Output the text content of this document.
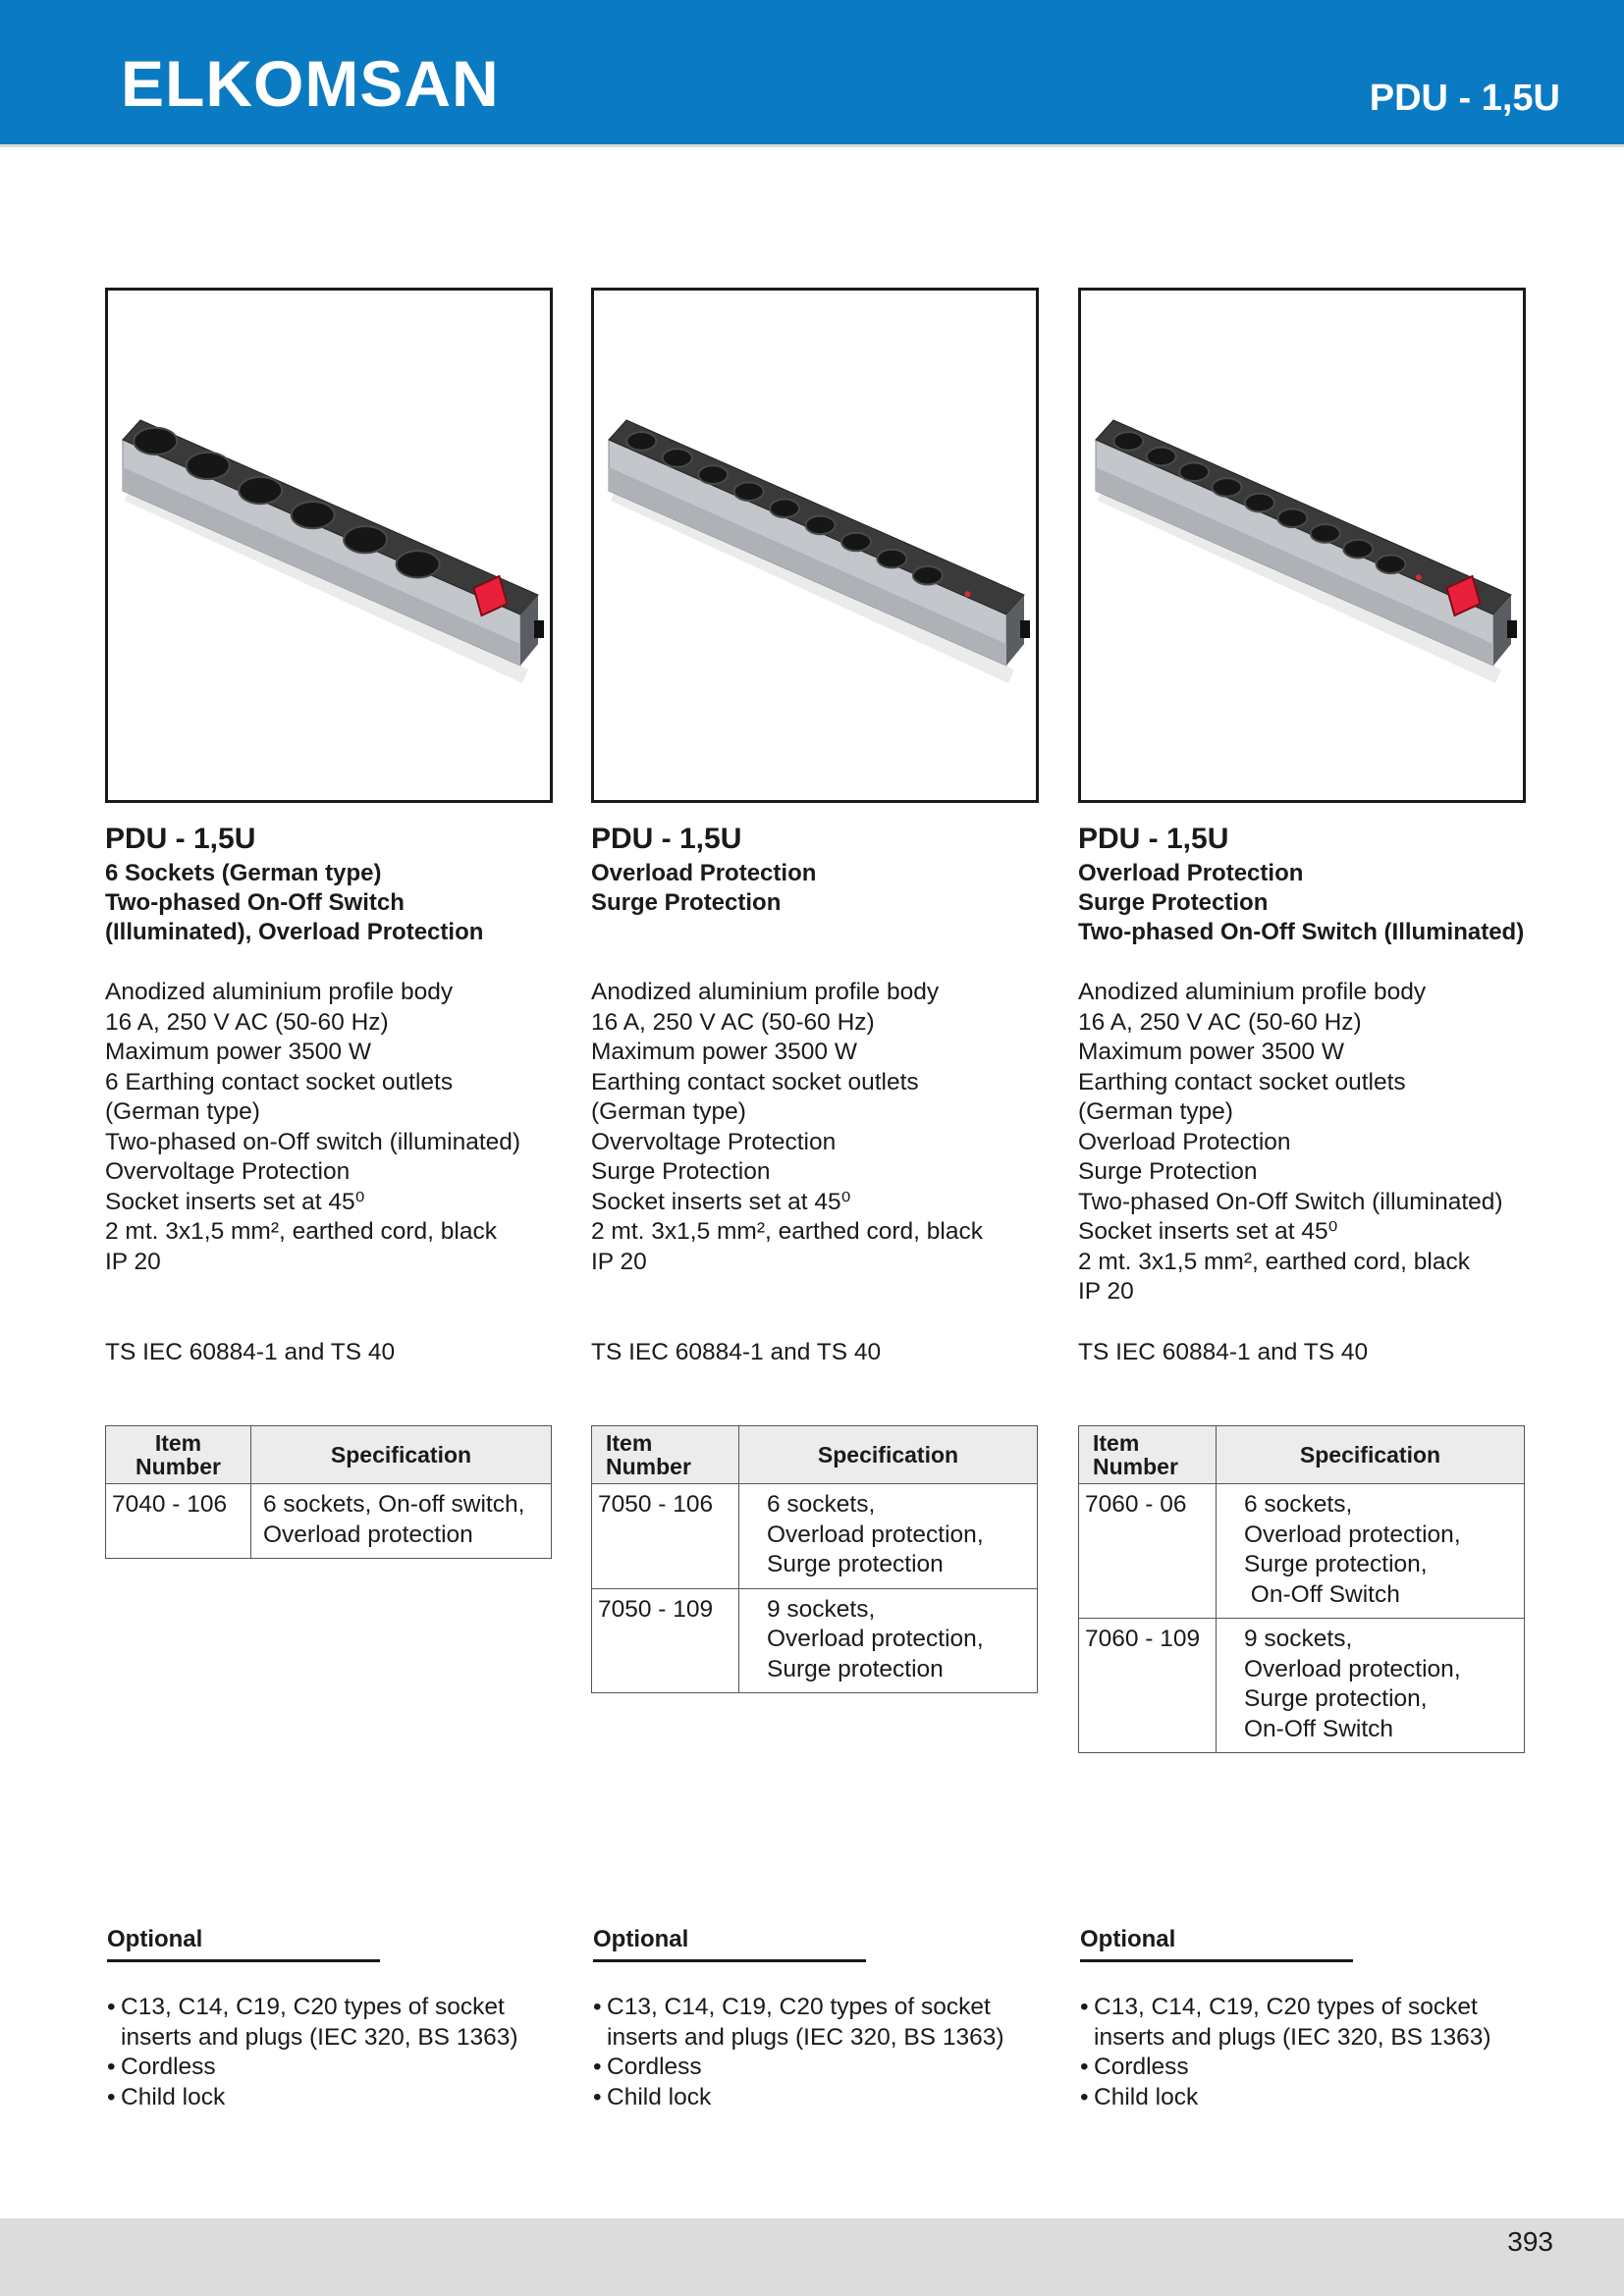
ELKOMSAN	PDU - 1,5U
PDU - 1,5U
6 Sockets (German type)
Two-phased On-Off Switch
(Illuminated), Overload Protection
Anodized aluminium profile body
16 A, 250 V AC (50-60 Hz)
Maximum power 3500 W
6 Earthing contact socket outlets
(German type)
Two-phased on-Off switch (illuminated)
Overvoltage Protection
Socket inserts set at 45⁰
2 mt. 3x1,5 mm², earthed cord, black
IP 20
TS IEC 60884-1 and TS 40
Item Number	Specification
7040 - 106	6 sockets, On-off switch,
Overload protection
Optional
• C13, C14, C19, C20 types of socket
inserts and plugs (IEC 320, BS 1363)
• Cordless
• Child lock
PDU - 1,5U
Overload Protection
Surge Protection
Anodized aluminium profile body
16 A, 250 V AC (50-60 Hz)
Maximum power 3500 W
Earthing contact socket outlets
(German type)
Overvoltage Protection
Surge Protection
Socket inserts set at 45⁰
2 mt. 3x1,5 mm², earthed cord, black
IP 20
TS IEC 60884-1 and TS 40
Item Number	Specification
7050 - 106	6 sockets,
Overload protection,
Surge protection

7050 - 109	9 sockets,
Overload protection,
Surge protection
Optional
• C13, C14, C19, C20 types of socket
inserts and plugs (IEC 320, BS 1363)
• Cordless
• Child lock
PDU - 1,5U
Overload Protection
Surge Protection
Two-phased On-Off Switch (Illuminated)
Anodized aluminium profile body
16 A, 250 V AC (50-60 Hz)
Maximum power 3500 W
Earthing contact socket outlets
(German type)
Overload Protection
Surge Protection
Two-phased On-Off Switch (illuminated)
Socket inserts set at 45⁰
2 mt. 3x1,5 mm², earthed cord, black
IP 20
TS IEC 60884-1 and TS 40
Item Number	Specification
7060 - 06	6 sockets,
Overload protection,
Surge protection,
On-Off Switch

7060 - 109	9 sockets,
Overload protection,
Surge protection,
On-Off Switch
Optional
• C13, C14, C19, C20 types of socket
inserts and plugs (IEC 320, BS 1363)
• Cordless
• Child lock
393
